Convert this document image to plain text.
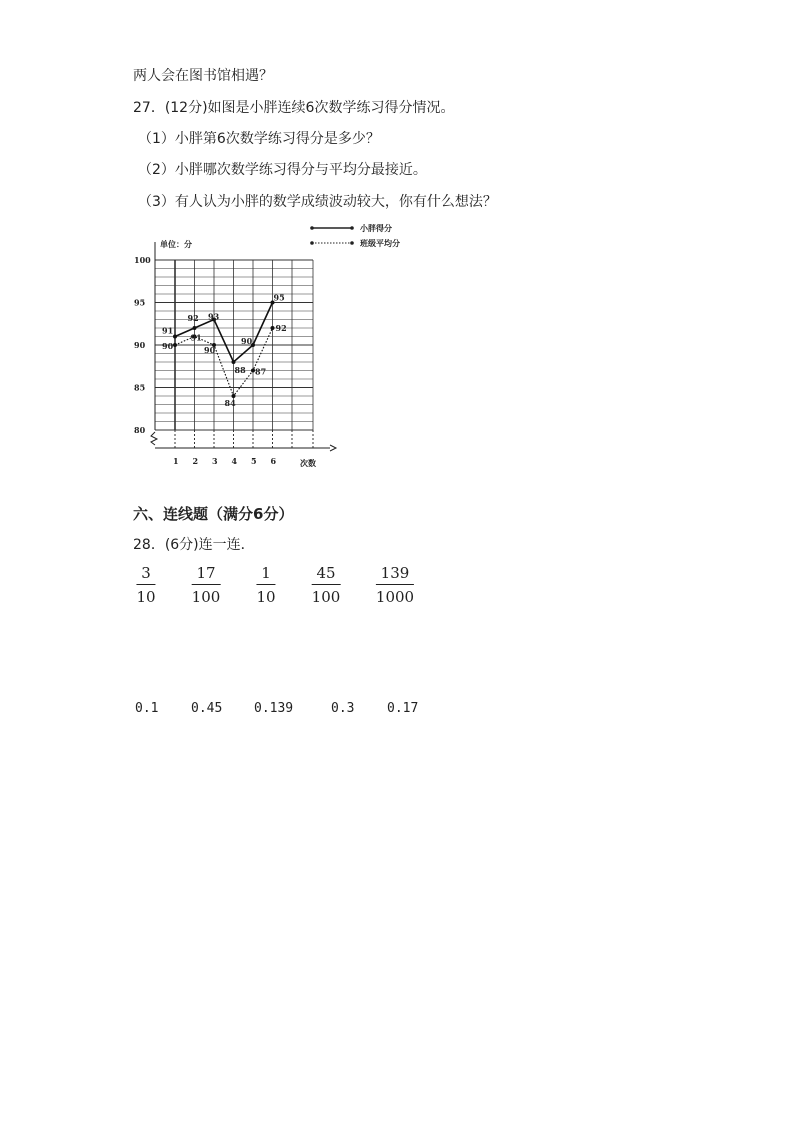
两人会在图书馆相遇？
27．(12分)如图是小胖连续6次数学练习得分情况。
（1）小胖第6次数学练习得分是多少？
（2）小胖哪次数学练习得分与平均分最接近。
（3）有人认为小胖的数学成绩波动较大，你有什么想法？
80
85
90
95
100
1 2 3 4 5 6	次数
单位：分
小胖得分
班级平均分
91
92 93
88
90
95
90
91
90
84
87
92
六、连线题（满分6分）
28．(6分)连一连．
$\frac{3}{10} \frac{17}{100} \frac{1}{10} \frac{45}{100} \frac{139}{1000}$
0.1	0.45 0.139	0.3	0.17
